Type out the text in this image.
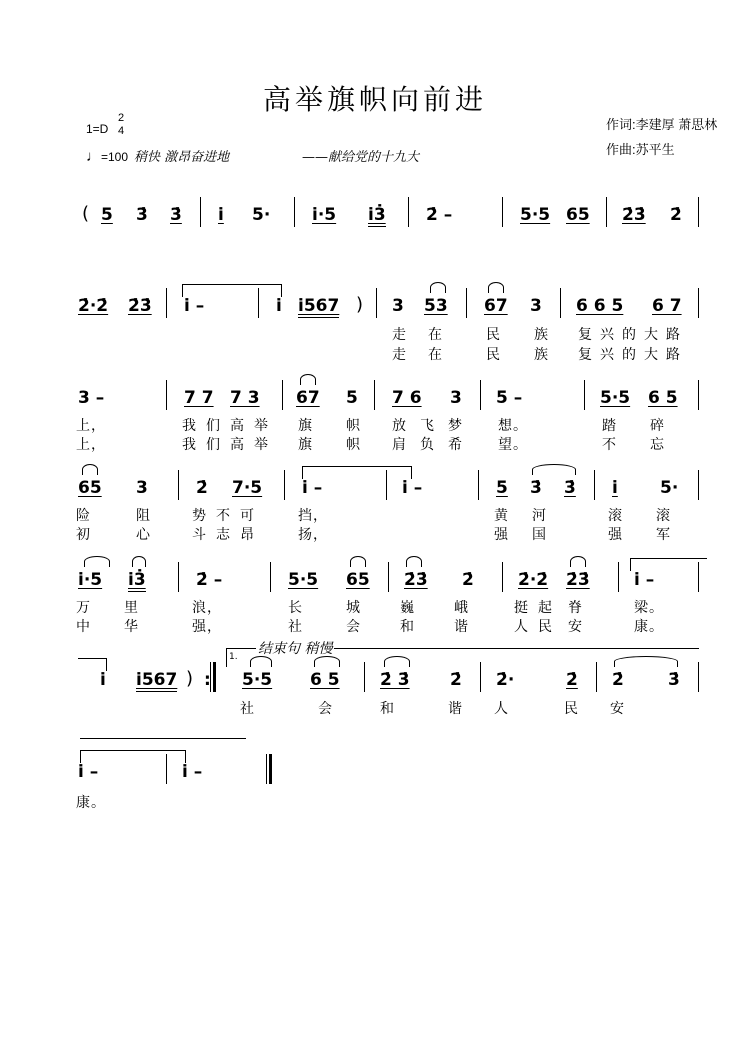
高举旗帜向前进
1=D
2
4
♩=100 稍快 激昂奋进地	——献给党的十九大
作词:李建厚 萧思林
作曲:苏平生
( 5 3̇ 3̇ i̇ 5· i̇·5 i̇3̇ 2̇ –	5·5 65 2̇3̇ 2̇
2̇·2̇ 2̇3̇ i̇ –	i̇ i̇567 ) 3 53 67 3 6 6 5 6 7
走 在	民 族 复 兴 的 大 路
走 在	民 族 复 兴 的 大 路
3 –	7 7 7 3 67 5 7 6 3 5 –	5·5 6 5
上，	我 们 高 举 旗 帜 放 飞 梦	想。	踏 碎
上，	我 们 高 举 旗 帜 肩 负 希	望。	不 忘
65 3	2̇ 7·5 i̇ –	i̇ –	5 3̇ 3̇ i̇ 5·
险	阻	势 不 可	挡，	黄 河	滚 滚
初	心	斗 志 昂	扬，	强 国	强 军
i̇·5 i̇3̇	2̇ –	5·5 65 2̇3̇ 2̇	2̇·2̇ 2̇3̇	i̇ –
万 里	浪，	长	城	巍	峨	挺 起 脊	梁。
中 华	强，	社	会	和	谐	人 民 安	康。
1. 结束句 稍慢
i̇ i̇567 ) : 5·5 6 5 2̇ 3̇ 2̇ 2̇·	2̇ 2̇	3̇
社	会	和	谐 人	民 安
i̇ –	i̇ –
康。
